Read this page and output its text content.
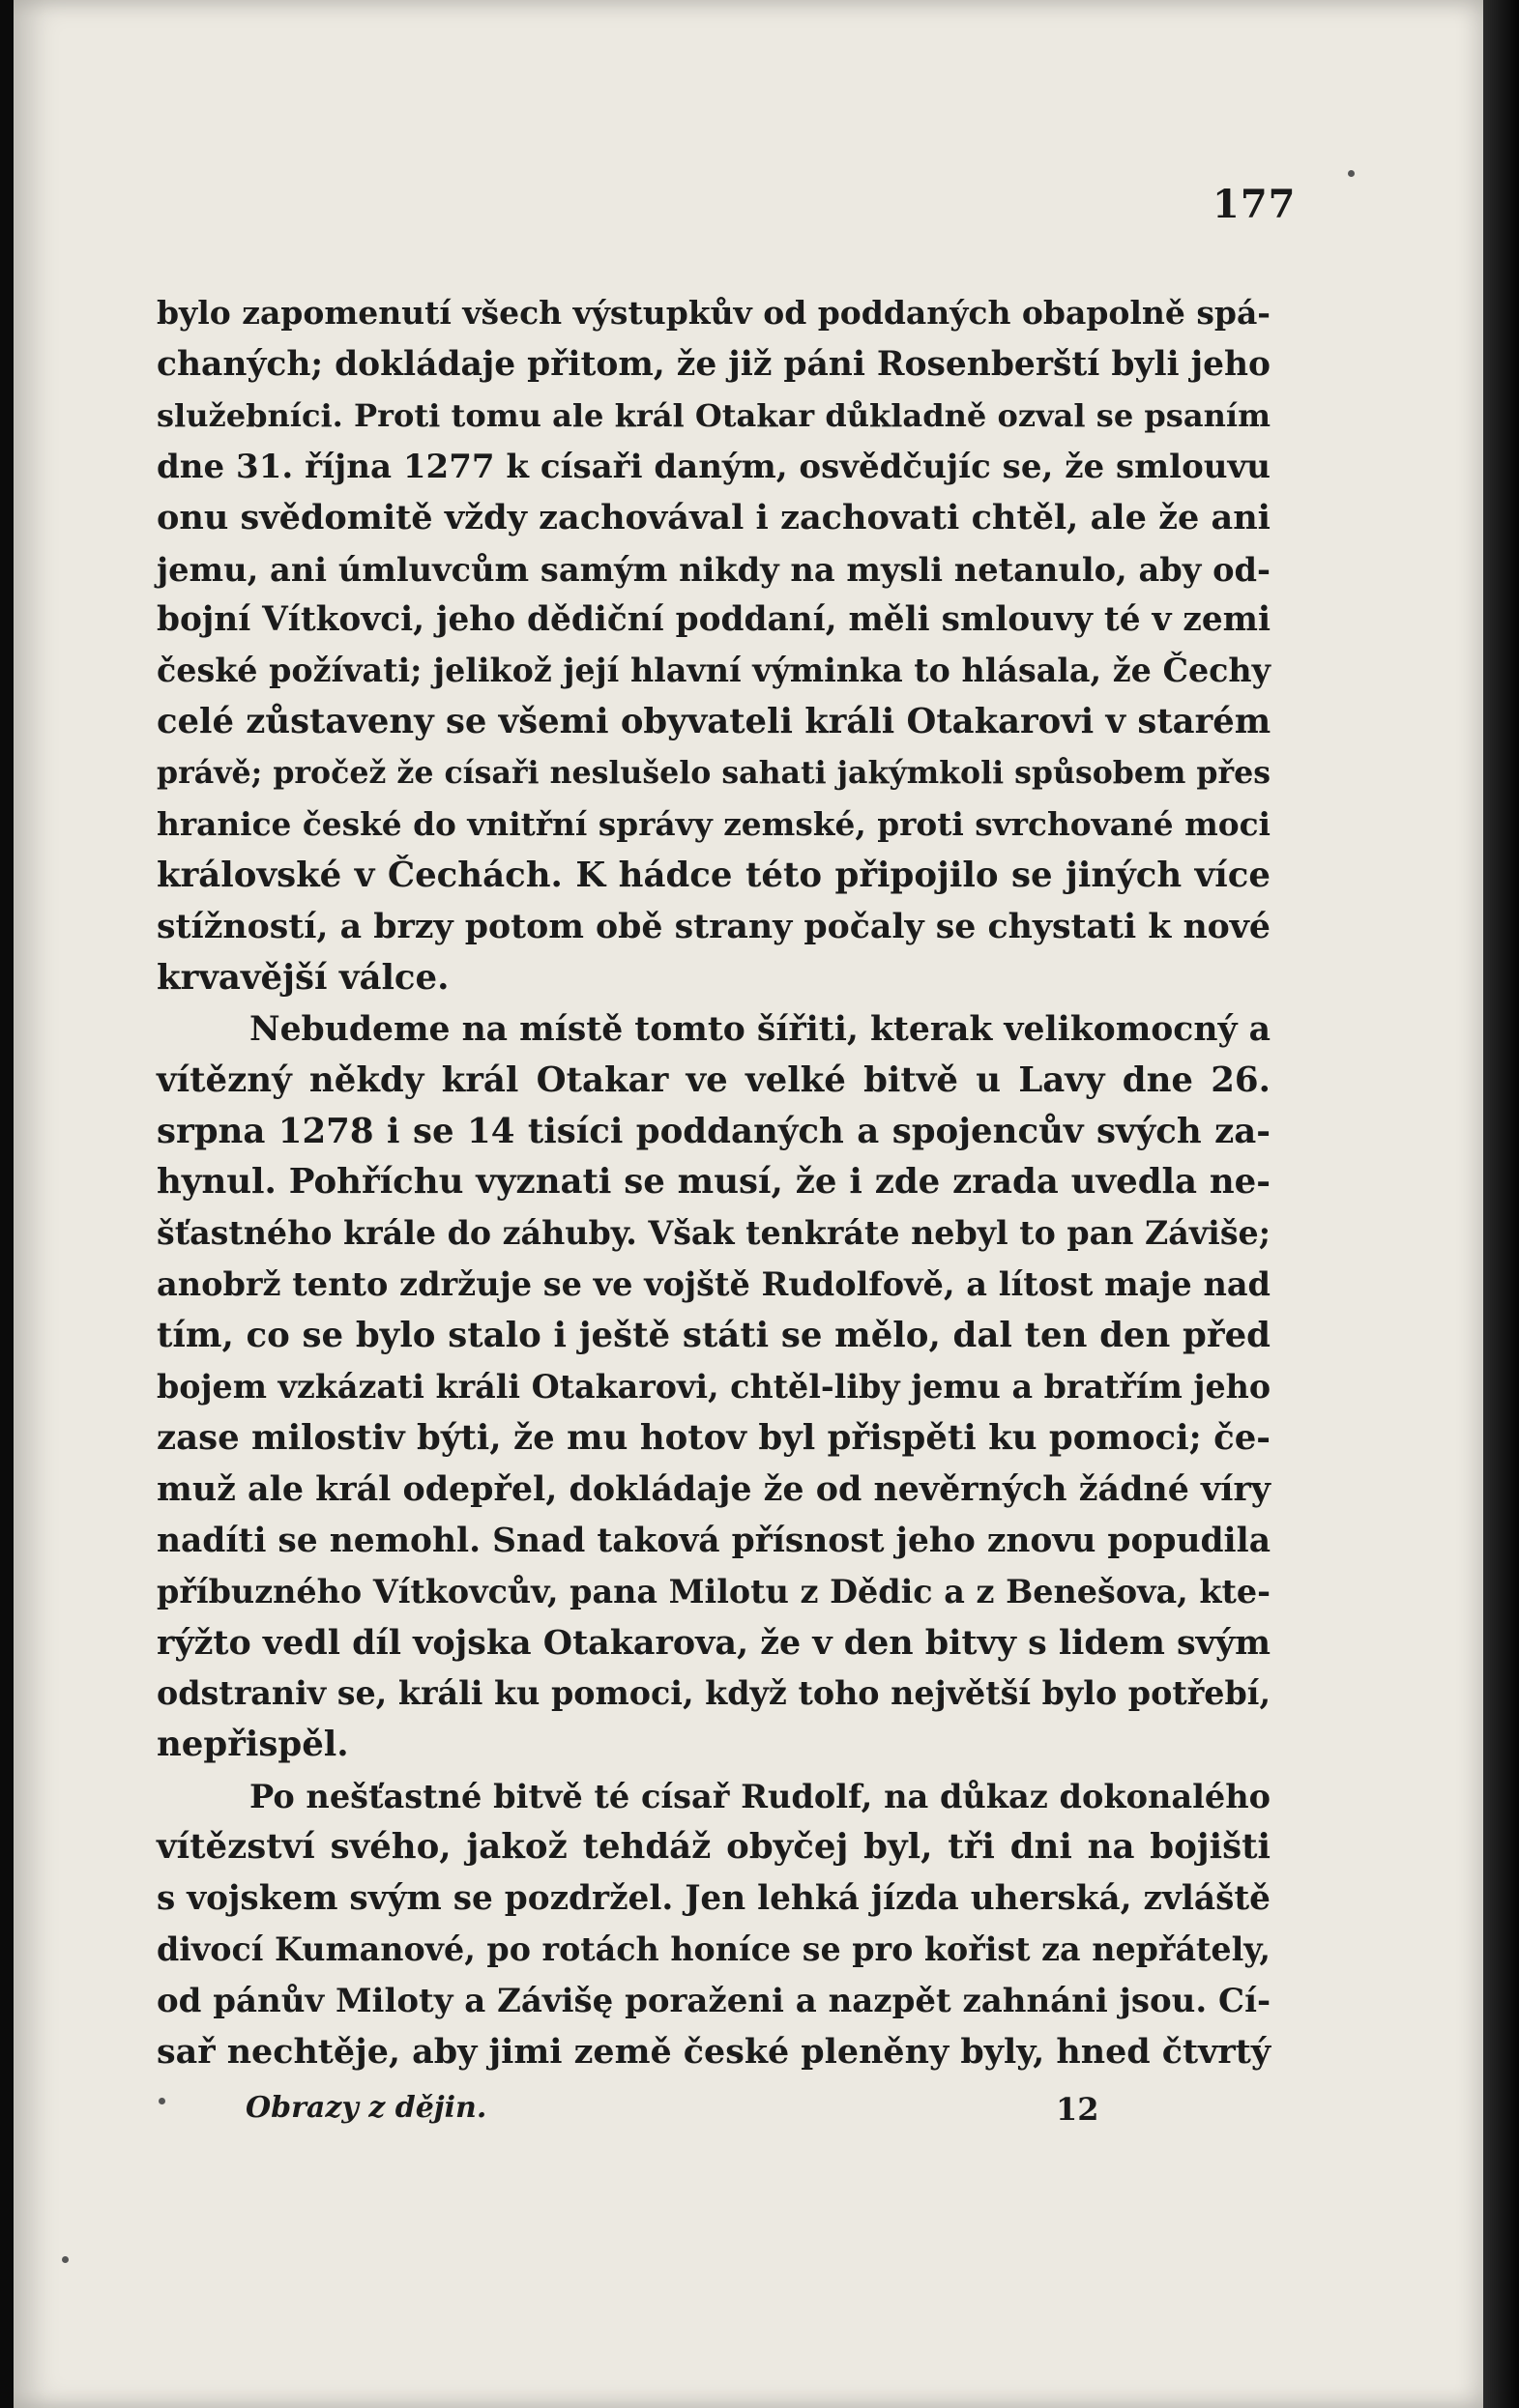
177
bylo zapomenutí všech výstupkův od poddaných obapolně spá-
chaných; dokládaje přitom, že již páni Rosenberští byli jeho
služebníci. Proti tomu ale král Otakar důkladně ozval se psaním
dne 31. října 1277 k císaři daným, osvědčujíc se, že smlouvu
onu svědomitě vždy zachovával i zachovati chtěl, ale že ani
jemu, ani úmluvcům samým nikdy na mysli netanulo, aby od-
bojní Vítkovci, jeho dědiční poddaní, měli smlouvy té v zemi
české požívati; jelikož její hlavní výminka to hlásala, že Čechy
celé zůstaveny se všemi obyvateli králi Otakarovi v starém
právě; pročež že císaři neslušelo sahati jakýmkoli spůsobem přes
hranice české do vnitřní správy zemské, proti svrchované moci
královské v Čechách. K hádce této připojilo se jiných více
stížností, a brzy potom obě strany počaly se chystati k nové
krvavější válce.
Nebudeme na místě tomto šířiti, kterak velikomocný a
vítězný někdy král Otakar ve velké bitvě u Lavy dne 26.
srpna 1278 i se 14 tisíci poddaných a spojencův svých za-
hynul. Pohříchu vyznati se musí, že i zde zrada uvedla ne-
šťastného krále do záhuby. Však tenkráte nebyl to pan Záviše;
anobrž tento zdržuje se ve vojště Rudolfově, a lítost maje nad
tím, co se bylo stalo i ještě státi se mělo, dal ten den před
bojem vzkázati králi Otakarovi, chtěl-liby jemu a bratřím jeho
zase milostiv býti, že mu hotov byl přispěti ku pomoci; če-
muž ale král odepřel, dokládaje že od nevěrných žádné víry
nadíti se nemohl. Snad taková přísnost jeho znovu popudila
příbuzného Vítkovcův, pana Milotu z Dědic a z Benešova, kte-
rýžto vedl díl vojska Otakarova, že v den bitvy s lidem svým
odstraniv se, králi ku pomoci, když toho největší bylo potřebí,
nepřispěl.
Po nešťastné bitvě té císař Rudolf, na důkaz dokonalého
vítězství svého, jakož tehdáž obyčej byl, tři dni na bojišti
s vojskem svým se pozdržel. Jen lehká jízda uherská, zvláště
divocí Kumanové, po rotách honíce se pro kořist za nepřátely,
od pánův Miloty a Závišę poraženi a nazpět zahnáni jsou. Cí-
sař nechtěje, aby jimi země české pleněny byly, hned čtvrtý
Obrazy z dějin.	12
